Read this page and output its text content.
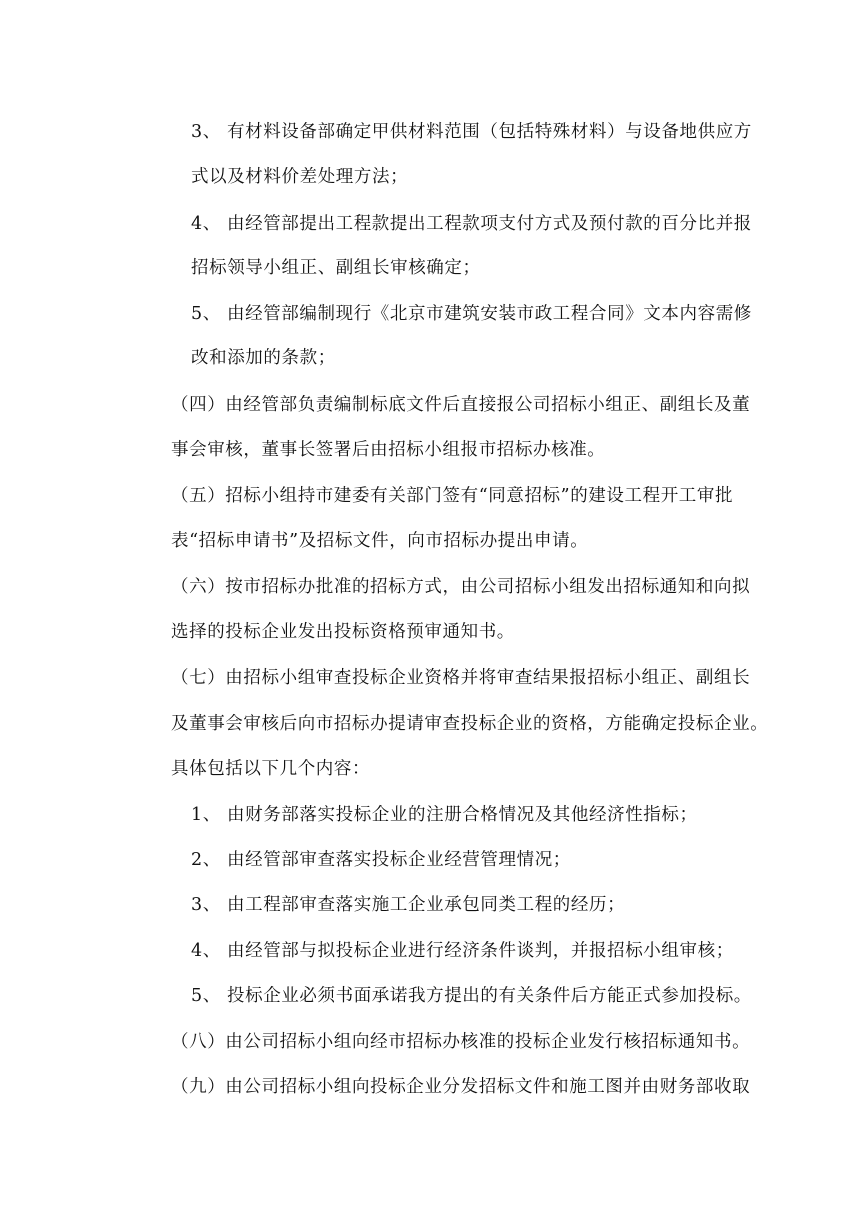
3、 有材料设备部确定甲供材料范围（包括特殊材料）与设备地供应方
式以及材料价差处理方法；
4、 由经管部提出工程款提出工程款项支付方式及预付款的百分比并报
招标领导小组正、副组长审核确定；
5、 由经管部编制现行《北京市建筑安装市政工程合同》文本内容需修
改和添加的条款；
（四）由经管部负责编制标底文件后直接报公司招标小组正、副组长及董
事会审核，董事长签署后由招标小组报市招标办核准。
（五）招标小组持市建委有关部门签有“同意招标”的建设工程开工审批
表“招标申请书”及招标文件，向市招标办提出申请。
（六）按市招标办批准的招标方式，由公司招标小组发出招标通知和向拟
选择的投标企业发出投标资格预审通知书。
（七）由招标小组审查投标企业资格并将审查结果报招标小组正、副组长
及董事会审核后向市招标办提请审查投标企业的资格，方能确定投标企业。
具体包括以下几个内容：
1、 由财务部落实投标企业的注册合格情况及其他经济性指标；
2、 由经管部审查落实投标企业经营管理情况；
3、 由工程部审查落实施工企业承包同类工程的经历；
4、 由经管部与拟投标企业进行经济条件谈判，并报招标小组审核；
5、 投标企业必须书面承诺我方提出的有关条件后方能正式参加投标。
（八）由公司招标小组向经市招标办核准的投标企业发行核招标通知书。
（九）由公司招标小组向投标企业分发招标文件和施工图并由财务部收取
